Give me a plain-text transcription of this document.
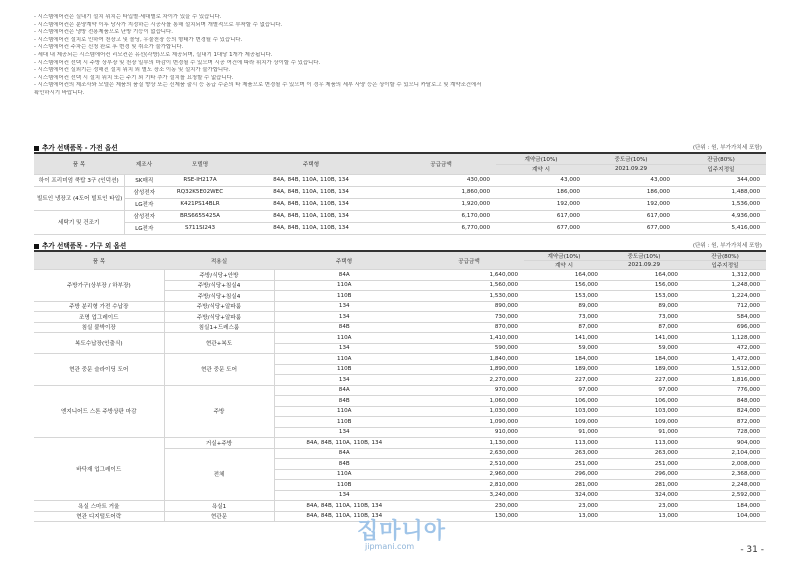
- 시스템에어컨은 실내기 설치 위치는 타입별·세대별로 차이가 있을 수 있습니다.
- 시스템에어컨은 분양계약 이후 당사가 지정하는 시공사를 통해 설치되며 개별적으로 부착할 수 없습니다.
- 시스템에어컨은 냉방 전용제품으로 난방 기능이 없습니다.
- 시스템에어컨 설치로 인하여 천장고 및 몰딩, 우물천장 등의 형태가 변경될 수 있습니다.
- 시스템에어컨 주차는 신청 완료 후 변경 및 취소가 불가합니다.
- 세대 내 제공되는 시스템에어컨 리모컨은 유선(각방)으로 제공되며, 실내기 1대당 1개가 제공됩니다.
- 시스템에어컨 선택 시 주방 상부장 및 천장 일부의 마감이 변경될 수 있으며 시공 여건에 따라 위치가 상이할 수 있습니다.
- 시스템에어컨 실외기는 정해진 설치 위치 외 별도 장소 이동 및 설치가 불가합니다.
- 시스템에어컨 선택 시 설치 위치 또는 주기 외 기타 추가 설치를 요청할 수 없습니다.
- 시스템에어컨의 제조사와 모델은 제품의 품질 향상 또는 신제품 출시 등 동급 수준의 타 제품으로 변경될 수 있으며 이 경우 제품의 세부 사양 등은 상이할 수 있으니 카탈로그 및 계약조건에서
확인하시기 바랍니다.
추가 선택품목 - 가전 옵션	(단위 : 원, 부가가치세 포함)
품 목	제조사	모델명	주택형	공급금액	계약금(10%)	중도금(10%)	잔금(80%)
					계약 시	2021.09.29	입주지정일
하이 프리미엄 쿡탑 3구 (인덕션)	SK매직	RSE-IH217A	84A, 84B, 110A, 110B, 134	430,000	43,000	43,000	344,000
빌트인 냉장고 (4도어 빌트인 타입)	삼성전자	RQ32K5E02WEC	84A, 84B, 110A, 110B, 134	1,860,000	186,000	186,000	1,488,000
	LG전자	K421PS14BLR	84A, 84B, 110A, 110B, 134	1,920,000	192,000	192,000	1,536,000
세탁기 및 건조기	삼성전자	BRS6655425A	84A, 84B, 110A, 110B, 134	6,170,000	617,000	617,000	4,936,000
	LG전자	S711SI243	84A, 84B, 110A, 110B, 134	6,770,000	677,000	677,000	5,416,000
추가 선택품목 - 가구 외 옵션	(단위 : 원, 부가가치세 포함)
품 목	적용실	주택형	공급금액	계약금(10%)	중도금(10%)	잔금(80%)
				계약 시	2021.09.29	입주지정일
주방가구(상부장 / 하부장)	주방/식당+안방	84A	1,640,000	164,000	164,000	1,312,000
	주방/식당+침실4	110A	1,560,000	156,000	156,000	1,248,000
	주방/식당+침실4	110B	1,530,000	153,000	153,000	1,224,000
주방 분리형 가전 수납장	주방/식당+알파룸	134	890,000	89,000	89,000	712,000
조명 업그레이드	주방/식당+알파룸	134	730,000	73,000	73,000	584,000
침실 붙박이장	침실1+드레스룸	84B	870,000	87,000	87,000	696,000
복도수납장(인출식)	현관+복도	110A	1,410,000	141,000	141,000	1,128,000
		134	590,000	59,000	59,000	472,000
현관 중문 슬라이딩 도어	현관 중문 도어	110A	1,840,000	184,000	184,000	1,472,000
		110B	1,890,000	189,000	189,000	1,512,000
		134	2,270,000	227,000	227,000	1,816,000
엔지니어드 스톤 주방상판 마감	주방	84A	970,000	97,000	97,000	776,000
		84B	1,060,000	106,000	106,000	848,000
		110A	1,030,000	103,000	103,000	824,000
		110B	1,090,000	109,000	109,000	872,000
		134	910,000	91,000	91,000	728,000
바닥재 업그레이드	거실+주방	84A, 84B, 110A, 110B, 134	1,130,000	113,000	113,000	904,000
	전체	84A	2,630,000	263,000	263,000	2,104,000
		84B	2,510,000	251,000	251,000	2,008,000
		110A	2,960,000	296,000	296,000	2,368,000
		110B	2,810,000	281,000	281,000	2,248,000
		134	3,240,000	324,000	324,000	2,592,000
욕실 스마트 거울	욕실1	84A, 84B, 110A, 110B, 134	230,000	23,000	23,000	184,000
현관 디지털도어락	현관문	84A, 84B, 110A, 110B, 134	130,000	13,000	13,000	104,000
집마니아
jipmani.com	- 31 -
